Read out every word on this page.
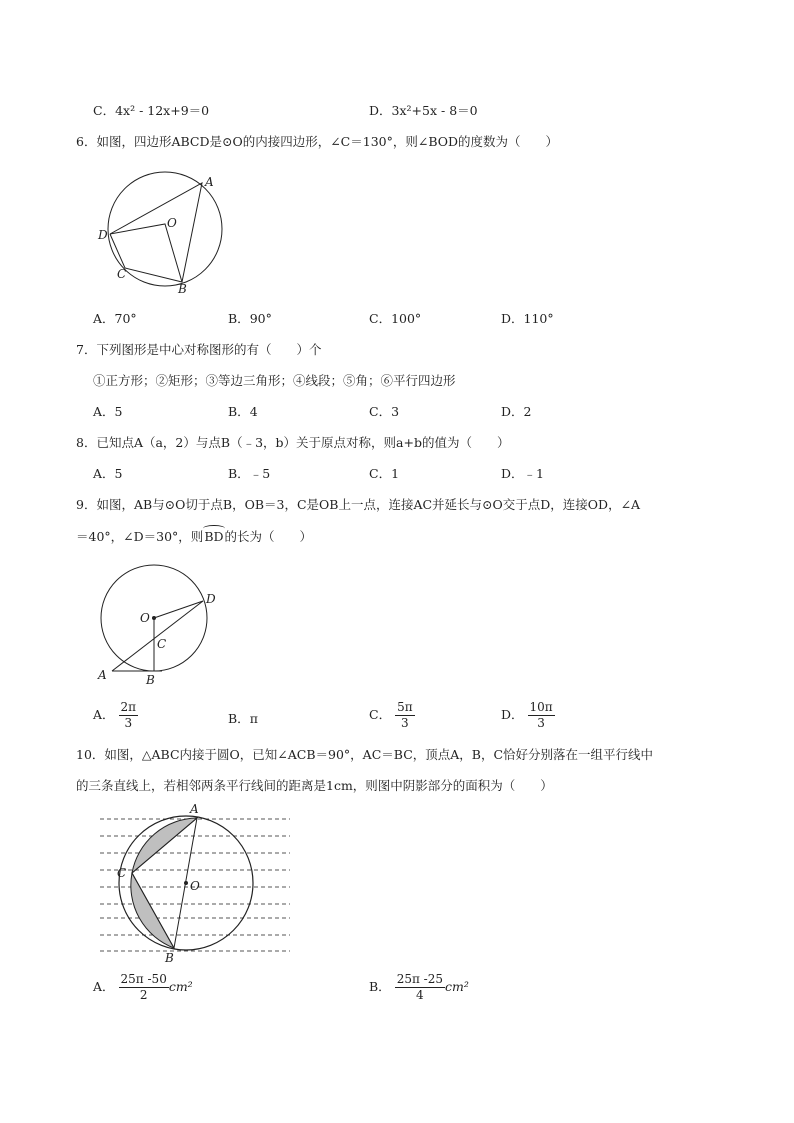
C．4x² - 12x+9＝0	D．3x²+5x - 8＝0
6．如图，四边形ABCD是⊙O的内接四边形，∠C＝130°，则∠BOD的度数为（　　）
A
D
O
C
B
A．70°	B．90°	C．100°	D．110°
7．下列图形是中心对称图形的有（　　）个
①正方形；②矩形；③等边三角形；④线段；⑤角；⑥平行四边形
A．5	B．4	C．3	D．2
8．已知点A（a，2）与点B（﹣3，b）关于原点对称，则a+b的值为（　　）
A．5	B．﹣5	C．1	D．﹣1
9．如图，AB与⊙O切于点B，OB＝3，C是OB上一点，连接AC并延长与⊙O交于点D，连接OD，∠A
＝40°，∠D＝30°，则BD的长为（　　）
O
D
C
A	B
A． $\frac{2\pi}{3}$	B．π	C． $\frac{5\pi}{3}$	D． $\frac{10\pi}{3}$
10．如图，△ABC内接于圆O，已知∠ACB＝90°，AC＝BC，顶点A，B，C恰好分别落在一组平行线中
的三条直线上，若相邻两条平行线间的距离是1cm，则图中阴影部分的面积为（　　）
A
C
O
B
A． $\frac{25\pi -50}{2} cm^2$	B． $\frac{25\pi -25}{4} cm^2$
